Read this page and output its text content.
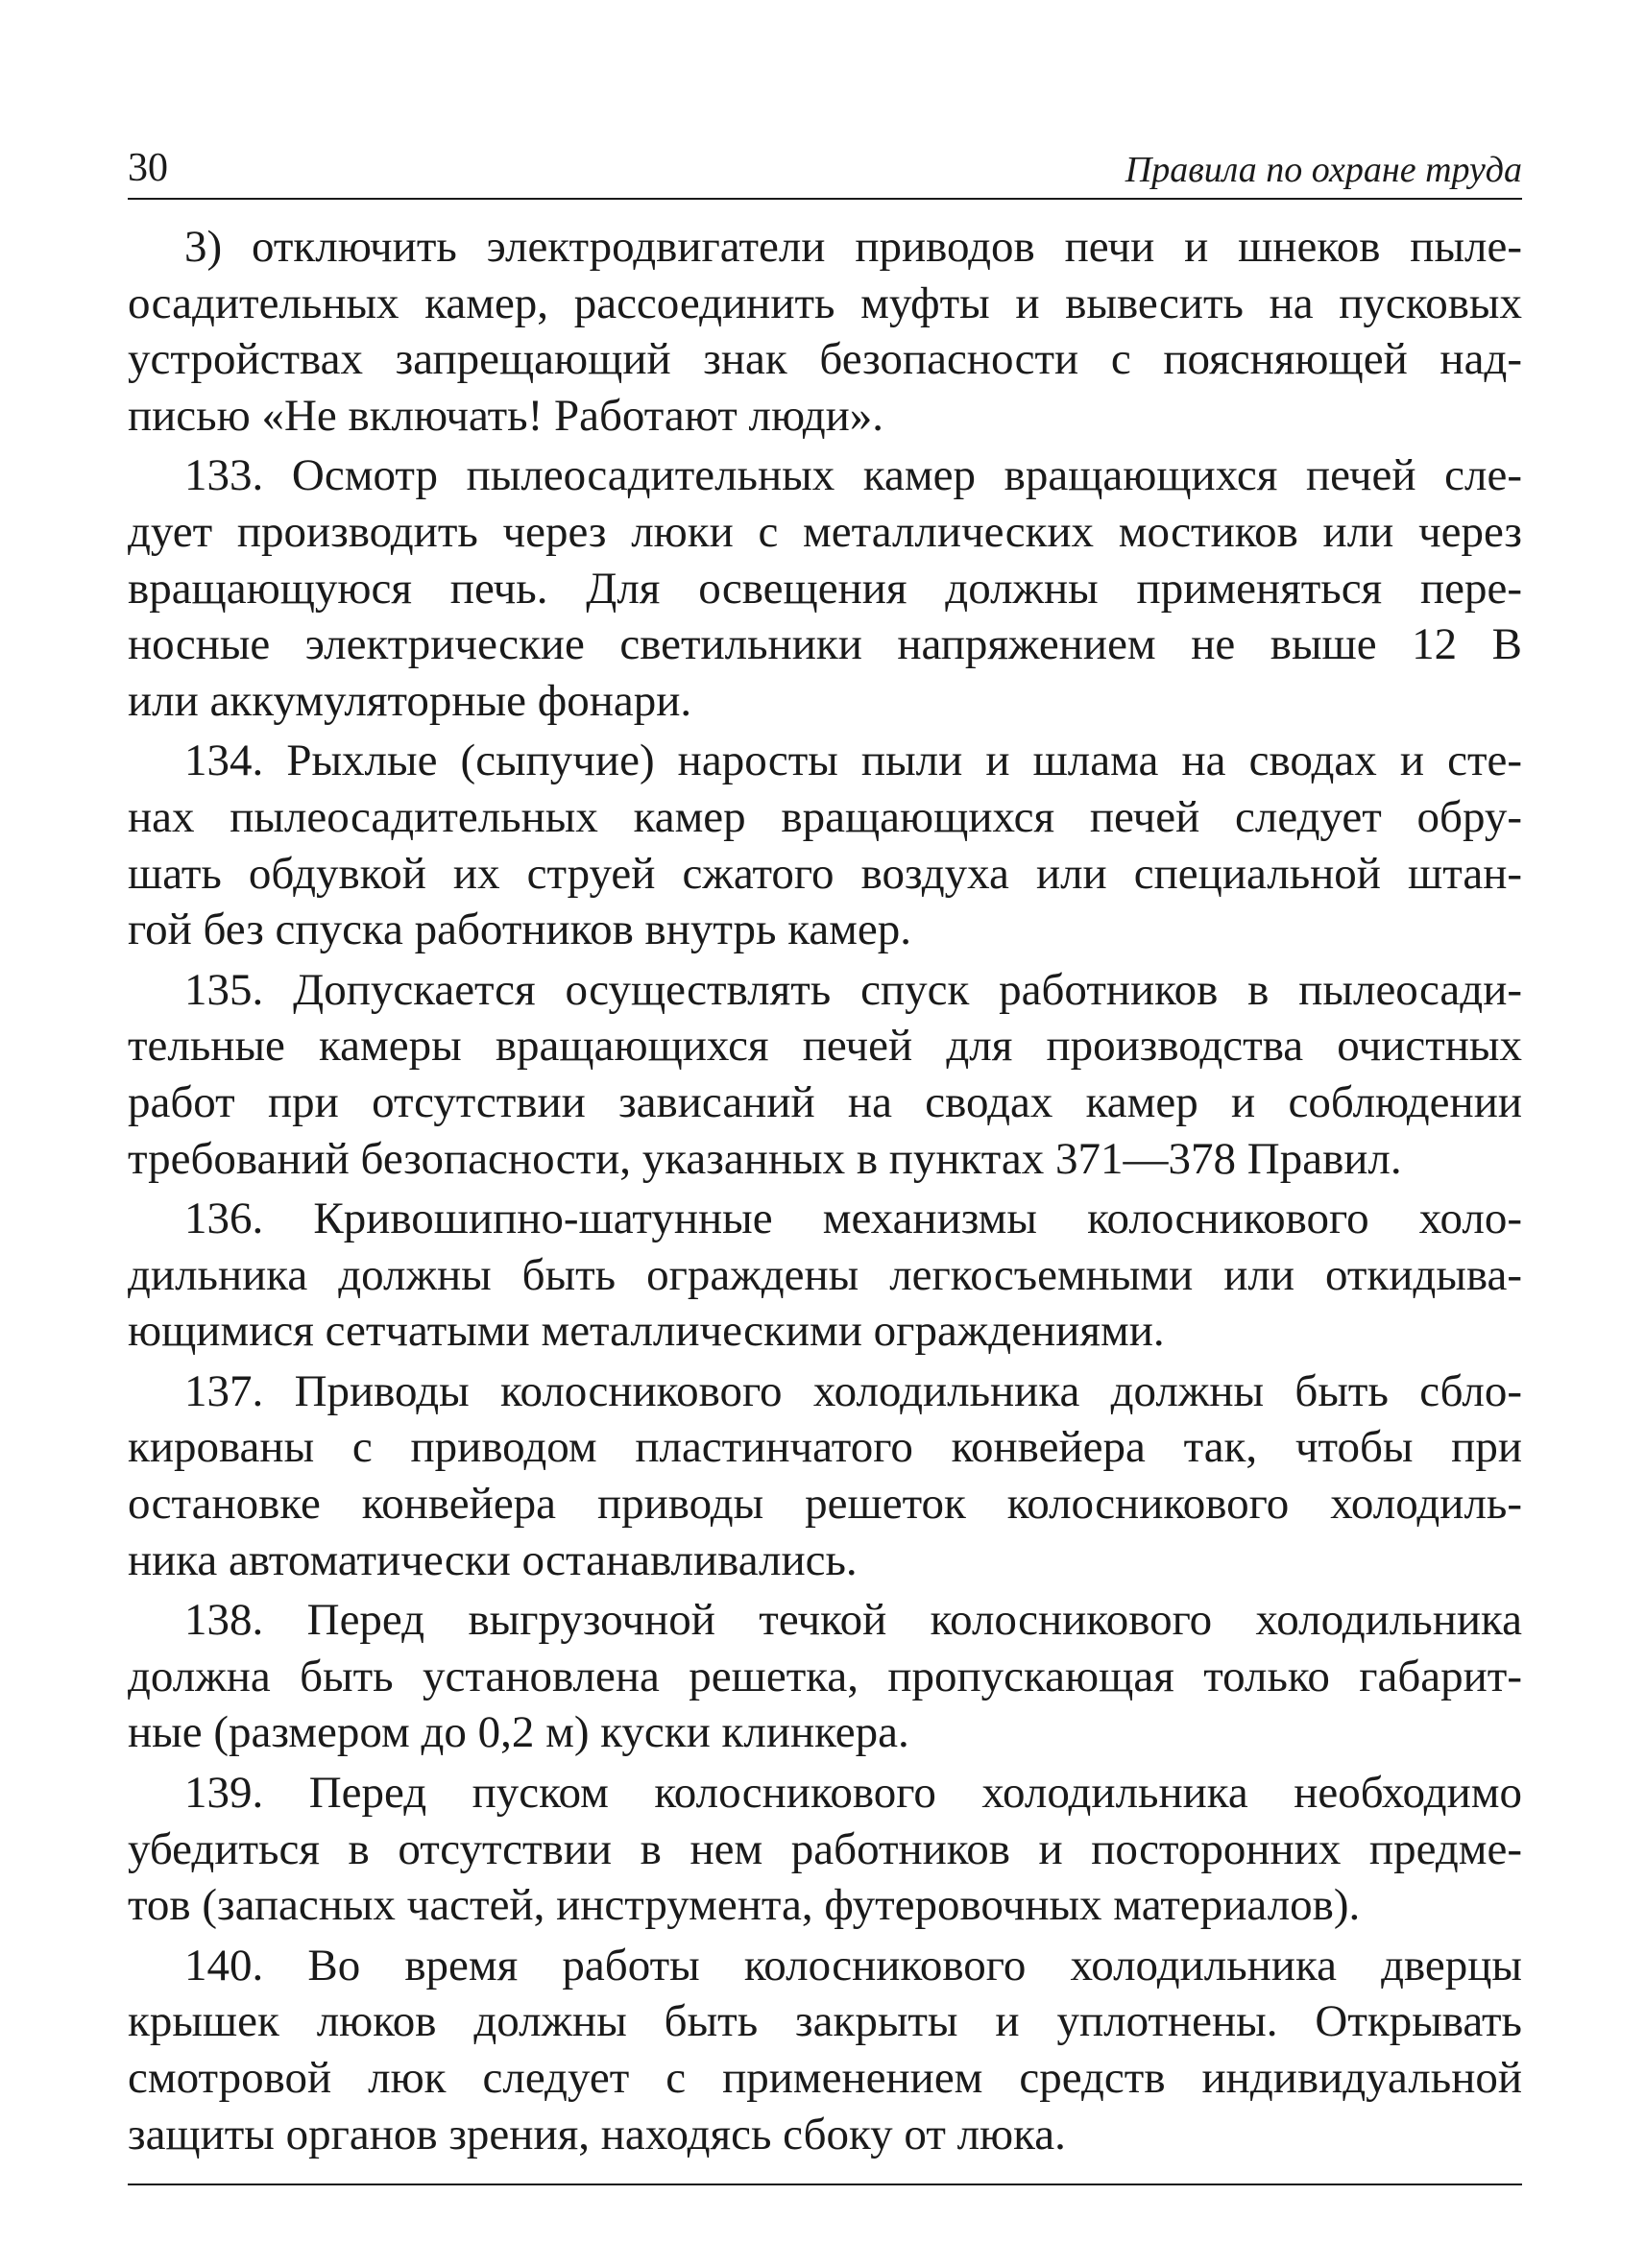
30	Правила по охране труда
3) отключить электродвигатели приводов печи и шнеков пыле-
осадительных камер, рассоединить муфты и вывесить на пусковых
устройствах запрещающий знак безопасности с поясняющей над-
писью «Не включать! Работают люди».
133. Осмотр пылеосадительных камер вращающихся печей сле-
дует производить через люки с металлических мостиков или через
вращающуюся печь. Для освещения должны применяться пере-
носные электрические светильники напряжением не выше 12 В
или аккумуляторные фонари.
134. Рыхлые (сыпучие) наросты пыли и шлама на сводах и сте-
нах пылеосадительных камер вращающихся печей следует обру-
шать обдувкой их струей сжатого воздуха или специальной штан-
гой без спуска работников внутрь камер.
135. Допускается осуществлять спуск работников в пылеосади-
тельные камеры вращающихся печей для производства очистных
работ при отсутствии зависаний на сводах камер и соблюдении
требований безопасности, указанных в пунктах 371—378 Правил.
136. Кривошипно-шатунные механизмы колосникового холо-
дильника должны быть ограждены легкосъемными или откидыва-
ющимися сетчатыми металлическими ограждениями.
137. Приводы колосникового холодильника должны быть сбло-
кированы с приводом пластинчатого конвейера так, чтобы при
остановке конвейера приводы решеток колосникового холодиль-
ника автоматически останавливались.
138. Перед выгрузочной течкой колосникового холодильника
должна быть установлена решетка, пропускающая только габарит-
ные (размером до 0,2 м) куски клинкера.
139. Перед пуском колосникового холодильника необходимо
убедиться в отсутствии в нем работников и посторонних предме-
тов (запасных частей, инструмента, футеровочных материалов).
140. Во время работы колосникового холодильника дверцы
крышек люков должны быть закрыты и уплотнены. Открывать
смотровой люк следует с применением средств индивидуальной
защиты органов зрения, находясь сбоку от люка.
